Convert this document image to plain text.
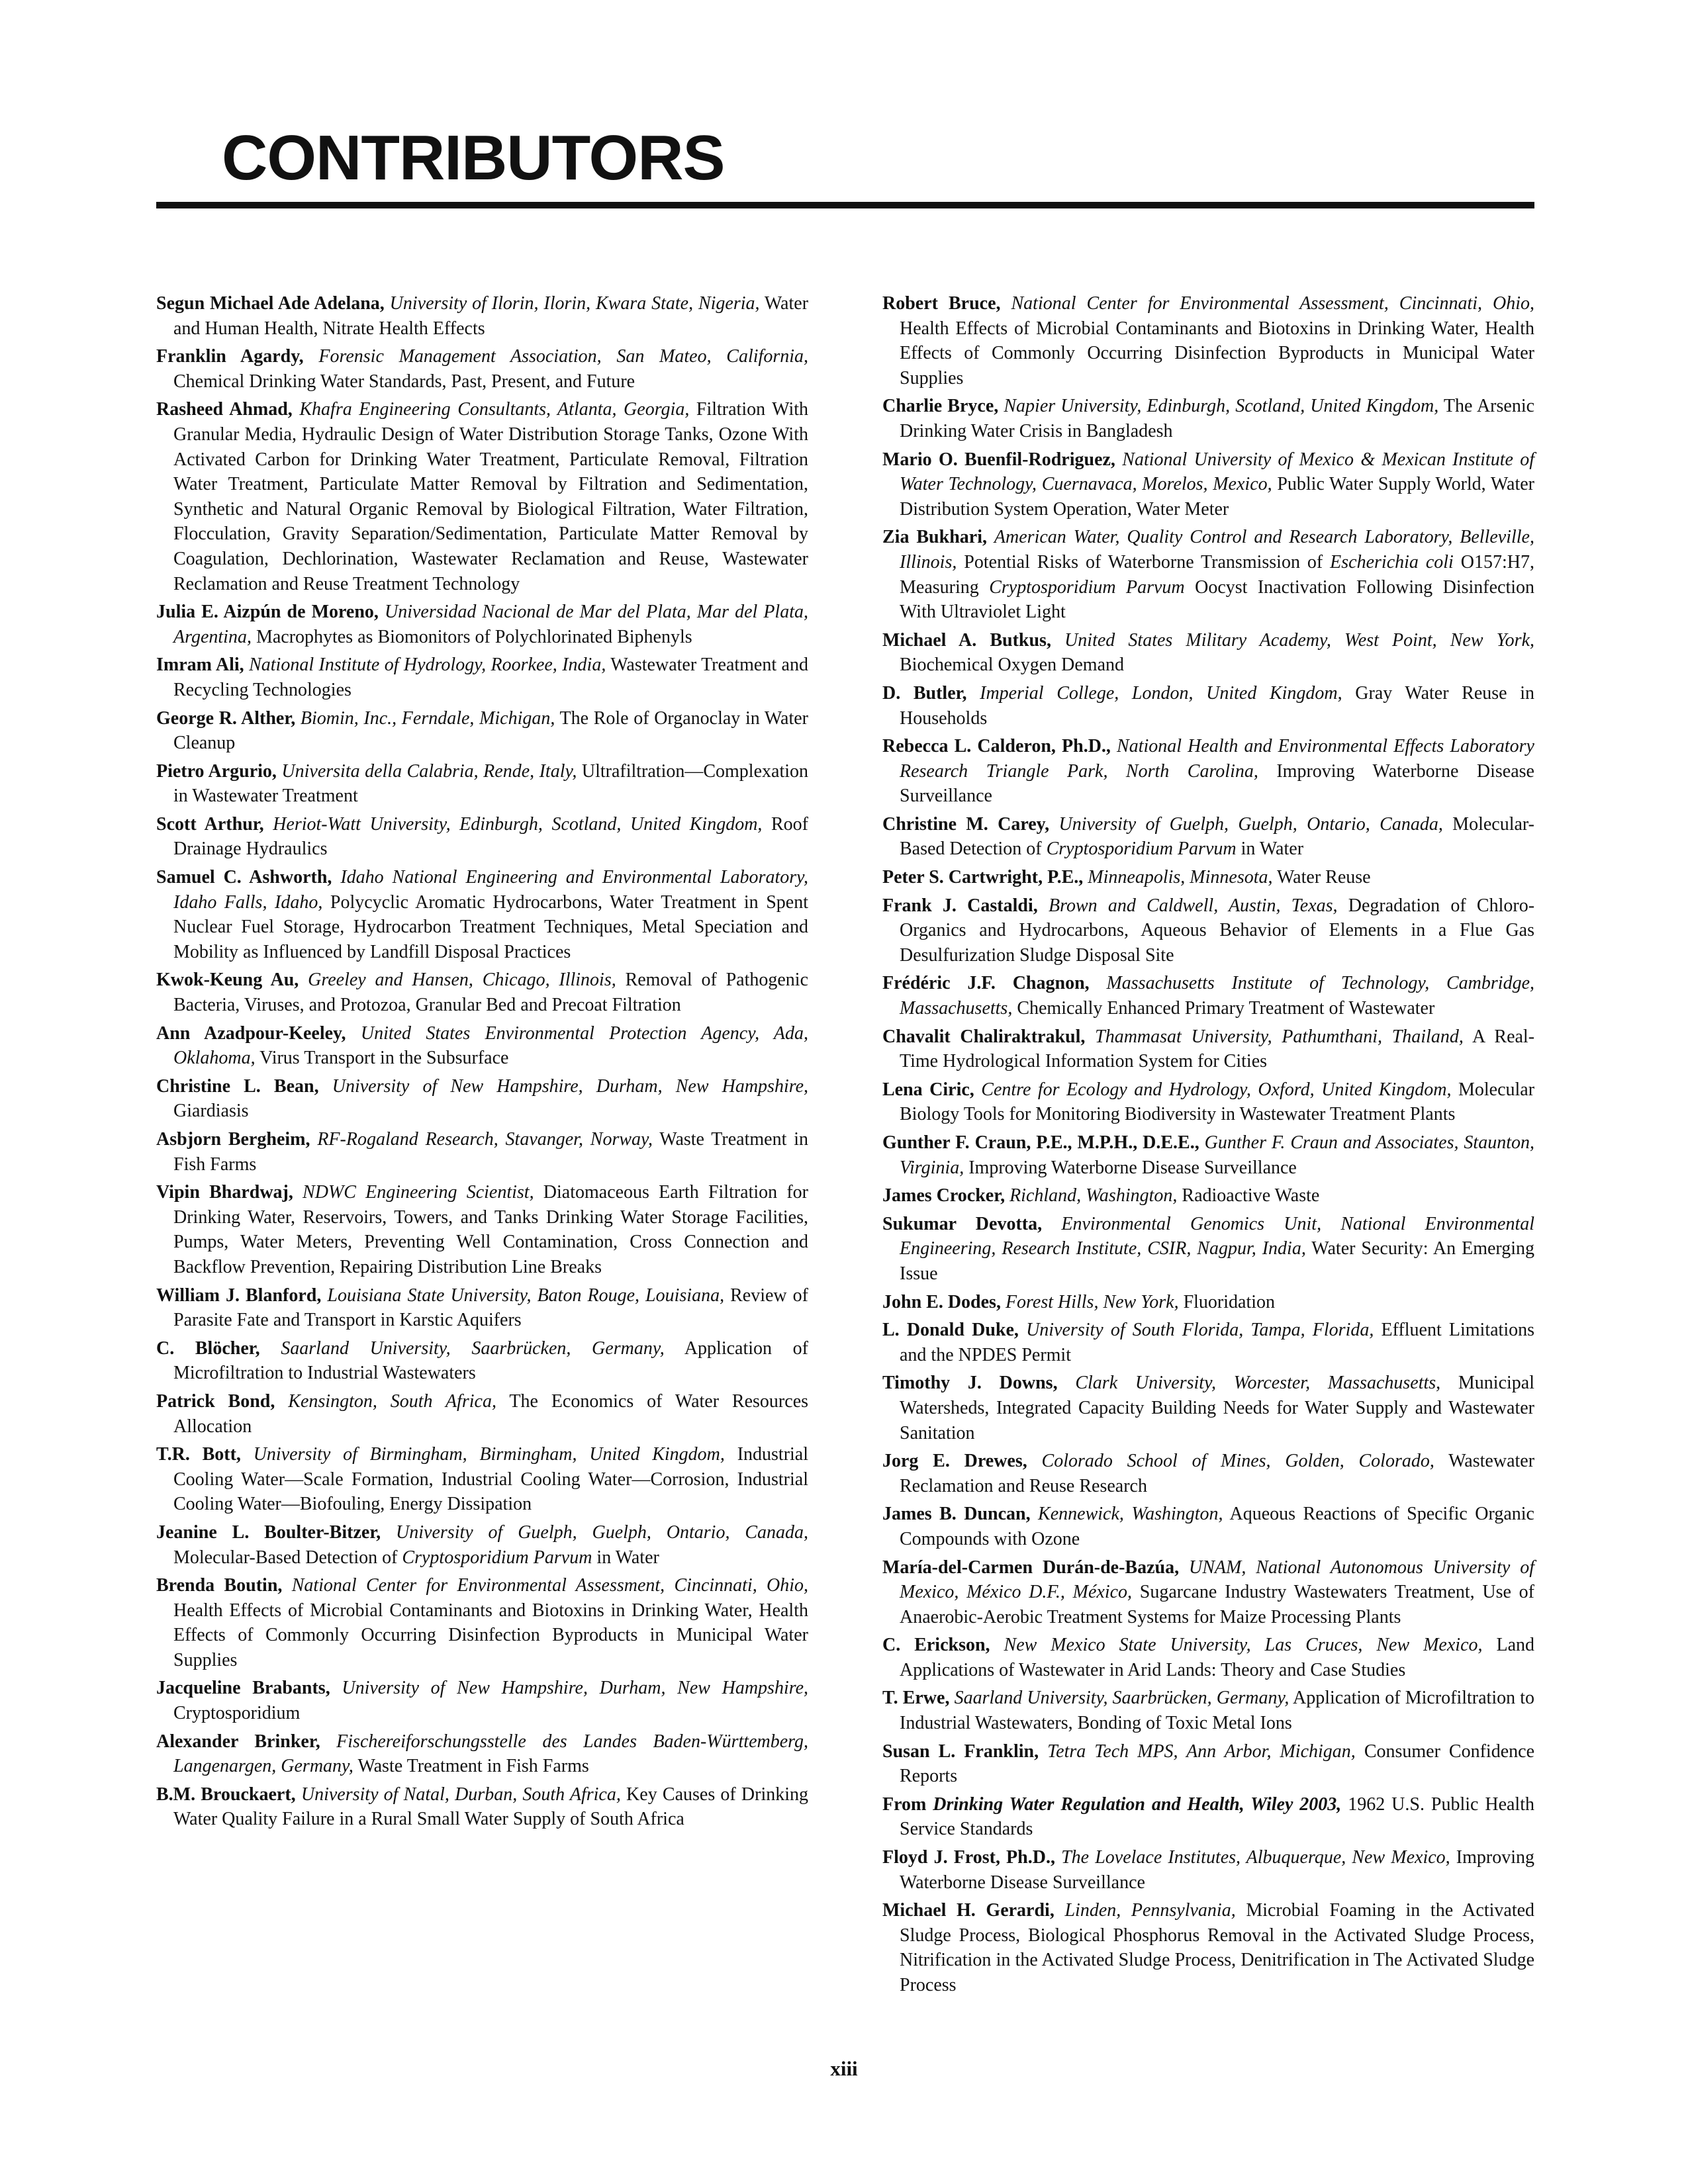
CONTRIBUTORS

Segun Michael Ade Adelana, University of Ilorin, Ilorin, Kwara State, Nigeria, Water and Human Health, Nitrate Health Effects

Franklin Agardy, Forensic Management Association, San Mateo, California, Chemical Drinking Water Standards, Past, Present, and Future

Rasheed Ahmad, Khafra Engineering Consultants, Atlanta, Georgia, Filtration With Granular Media, Hydraulic Design of Water Distribution Storage Tanks, Ozone With Activated Carbon for Drinking Water Treatment, Particulate Removal, Filtration Water Treatment, Particulate Matter Removal by Filtration and Sedimentation, Synthetic and Natural Organic Removal by Biological Filtration, Water Filtration, Flocculation, Gravity Separation/Sedimentation, Particulate Matter Removal by Coagulation, Dechlorination, Wastewater Reclamation and Reuse, Wastewater Reclamation and Reuse Treatment Technology

Julia E. Aizpún de Moreno, Universidad Nacional de Mar del Plata, Mar del Plata, Argentina, Macrophytes as Biomonitors of Polychlorinated Biphenyls

Imram Ali, National Institute of Hydrology, Roorkee, India, Wastewater Treatment and Recycling Technologies

George R. Alther, Biomin, Inc., Ferndale, Michigan, The Role of Organoclay in Water Cleanup

Pietro Argurio, Universita della Calabria, Rende, Italy, Ultrafiltration—Complexation in Wastewater Treatment

Scott Arthur, Heriot-Watt University, Edinburgh, Scotland, United Kingdom, Roof Drainage Hydraulics

Samuel C. Ashworth, Idaho National Engineering and Environmental Laboratory, Idaho Falls, Idaho, Polycyclic Aromatic Hydrocarbons, Water Treatment in Spent Nuclear Fuel Storage, Hydrocarbon Treatment Techniques, Metal Speciation and Mobility as Influenced by Landfill Disposal Practices

Kwok-Keung Au, Greeley and Hansen, Chicago, Illinois, Removal of Pathogenic Bacteria, Viruses, and Protozoa, Granular Bed and Precoat Filtration

Ann Azadpour-Keeley, United States Environmental Protection Agency, Ada, Oklahoma, Virus Transport in the Subsurface

Christine L. Bean, University of New Hampshire, Durham, New Hampshire, Giardiasis

Asbjorn Bergheim, RF-Rogaland Research, Stavanger, Norway, Waste Treatment in Fish Farms

Vipin Bhardwaj, NDWC Engineering Scientist, Diatomaceous Earth Filtration for Drinking Water, Reservoirs, Towers, and Tanks Drinking Water Storage Facilities, Pumps, Water Meters, Preventing Well Contamination, Cross Connection and Backflow Prevention, Repairing Distribution Line Breaks

William J. Blanford, Louisiana State University, Baton Rouge, Louisiana, Review of Parasite Fate and Transport in Karstic Aquifers

C. Blöcher, Saarland University, Saarbrücken, Germany, Application of Microfiltration to Industrial Wastewaters

Patrick Bond, Kensington, South Africa, The Economics of Water Resources Allocation

T.R. Bott, University of Birmingham, Birmingham, United Kingdom, Industrial Cooling Water—Scale Formation, Industrial Cooling Water—Corrosion, Industrial Cooling Water—Biofouling, Energy Dissipation

Jeanine L. Boulter-Bitzer, University of Guelph, Guelph, Ontario, Canada, Molecular-Based Detection of Cryptosporidium Parvum in Water

Brenda Boutin, National Center for Environmental Assessment, Cincinnati, Ohio, Health Effects of Microbial Contaminants and Biotoxins in Drinking Water, Health Effects of Commonly Occurring Disinfection Byproducts in Municipal Water Supplies

Jacqueline Brabants, University of New Hampshire, Durham, New Hampshire, Cryptosporidium

Alexander Brinker, Fischereiforschungsstelle des Landes Baden-Württemberg, Langenargen, Germany, Waste Treatment in Fish Farms

B.M. Brouckaert, University of Natal, Durban, South Africa, Key Causes of Drinking Water Quality Failure in a Rural Small Water Supply of South Africa

Robert Bruce, National Center for Environmental Assessment, Cincinnati, Ohio, Health Effects of Microbial Contaminants and Biotoxins in Drinking Water, Health Effects of Commonly Occurring Disinfection Byproducts in Municipal Water Supplies

Charlie Bryce, Napier University, Edinburgh, Scotland, United Kingdom, The Arsenic Drinking Water Crisis in Bangladesh

Mario O. Buenfil-Rodriguez, National University of Mexico & Mexican Institute of Water Technology, Cuernavaca, Morelos, Mexico, Public Water Supply World, Water Distribution System Operation, Water Meter

Zia Bukhari, American Water, Quality Control and Research Laboratory, Belleville, Illinois, Potential Risks of Waterborne Transmission of Escherichia coli O157:H7, Measuring Cryptosporidium Parvum Oocyst Inactivation Following Disinfection With Ultraviolet Light

Michael A. Butkus, United States Military Academy, West Point, New York, Biochemical Oxygen Demand

D. Butler, Imperial College, London, United Kingdom, Gray Water Reuse in Households

Rebecca L. Calderon, Ph.D., National Health and Environmental Effects Laboratory Research Triangle Park, North Carolina, Improving Waterborne Disease Surveillance

Christine M. Carey, University of Guelph, Guelph, Ontario, Canada, Molecular-Based Detection of Cryptosporidium Parvum in Water

Peter S. Cartwright, P.E., Minneapolis, Minnesota, Water Reuse

Frank J. Castaldi, Brown and Caldwell, Austin, Texas, Degradation of Chloro-Organics and Hydrocarbons, Aqueous Behavior of Elements in a Flue Gas Desulfurization Sludge Disposal Site

Frédéric J.F. Chagnon, Massachusetts Institute of Technology, Cambridge, Massachusetts, Chemically Enhanced Primary Treatment of Wastewater

Chavalit Chaliraktrakul, Thammasat University, Pathumthani, Thailand, A Real-Time Hydrological Information System for Cities

Lena Ciric, Centre for Ecology and Hydrology, Oxford, United Kingdom, Molecular Biology Tools for Monitoring Biodiversity in Wastewater Treatment Plants

Gunther F. Craun, P.E., M.P.H., D.E.E., Gunther F. Craun and Associates, Staunton, Virginia, Improving Waterborne Disease Surveillance

James Crocker, Richland, Washington, Radioactive Waste

Sukumar Devotta, Environmental Genomics Unit, National Environmental Engineering, Research Institute, CSIR, Nagpur, India, Water Security: An Emerging Issue

John E. Dodes, Forest Hills, New York, Fluoridation

L. Donald Duke, University of South Florida, Tampa, Florida, Effluent Limitations and the NPDES Permit

Timothy J. Downs, Clark University, Worcester, Massachusetts, Municipal Watersheds, Integrated Capacity Building Needs for Water Supply and Wastewater Sanitation

Jorg E. Drewes, Colorado School of Mines, Golden, Colorado, Wastewater Reclamation and Reuse Research

James B. Duncan, Kennewick, Washington, Aqueous Reactions of Specific Organic Compounds with Ozone

María-del-Carmen Durán-de-Bazúa, UNAM, National Autonomous University of Mexico, México D.F., México, Sugarcane Industry Wastewaters Treatment, Use of Anaerobic-Aerobic Treatment Systems for Maize Processing Plants

C. Erickson, New Mexico State University, Las Cruces, New Mexico, Land Applications of Wastewater in Arid Lands: Theory and Case Studies

T. Erwe, Saarland University, Saarbrücken, Germany, Application of Microfiltration to Industrial Wastewaters, Bonding of Toxic Metal Ions

Susan L. Franklin, Tetra Tech MPS, Ann Arbor, Michigan, Consumer Confidence Reports

From Drinking Water Regulation and Health, Wiley 2003, 1962 U.S. Public Health Service Standards

Floyd J. Frost, Ph.D., The Lovelace Institutes, Albuquerque, New Mexico, Improving Waterborne Disease Surveillance

Michael H. Gerardi, Linden, Pennsylvania, Microbial Foaming in the Activated Sludge Process, Biological Phosphorus Removal in the Activated Sludge Process, Nitrification in the Activated Sludge Process, Denitrification in The Activated Sludge Process

xiii
